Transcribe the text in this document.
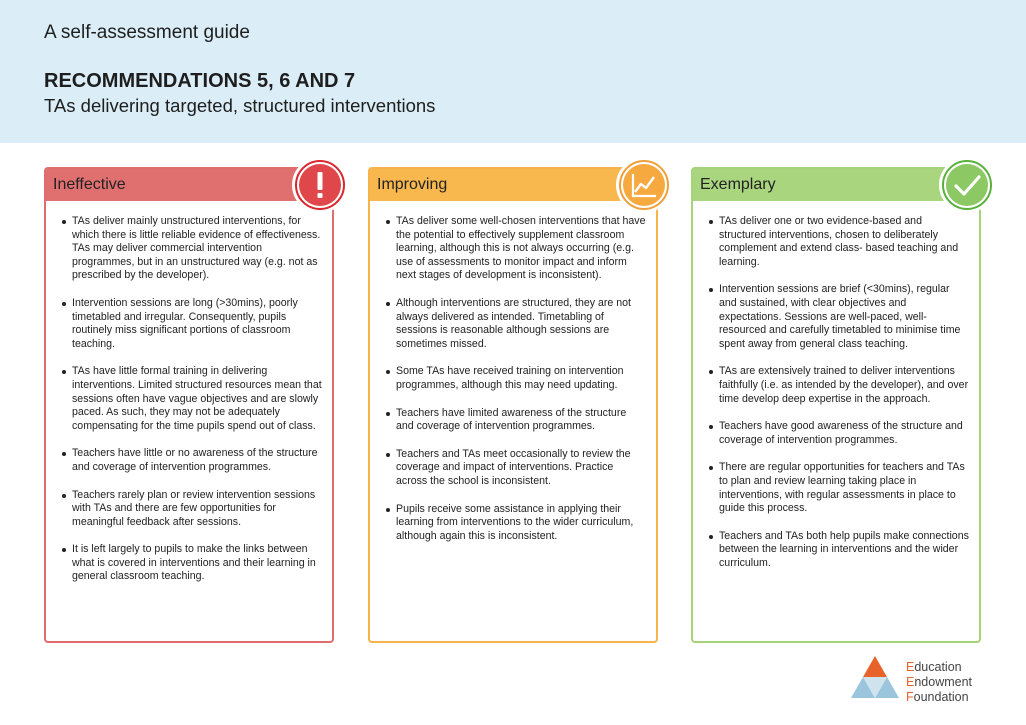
A self-assessment guide
RECOMMENDATIONS 5, 6 AND 7
TAs delivering targeted, structured interventions
Ineffective
TAs deliver mainly unstructured interventions, for which there is little reliable evidence of effectiveness. TAs may deliver commercial intervention programmes, but in an unstructured way (e.g. not as prescribed by the developer).
Intervention sessions are long (>30mins), poorly timetabled and irregular. Consequently, pupils routinely miss significant portions of classroom teaching.
TAs have little formal training in delivering interventions. Limited structured resources mean that sessions often have vague objectives and are slowly paced. As such, they may not be adequately compensating for the time pupils spend out of class.
Teachers have little or no awareness of the structure and coverage of intervention programmes.
Teachers rarely plan or review intervention sessions with TAs and there are few opportunities for meaningful feedback after sessions.
It is left largely to pupils to make the links between what is covered in interventions and their learning in general classroom teaching.
Improving
TAs deliver some well-chosen interventions that have the potential to effectively supplement classroom learning, although this is not always occurring (e.g. use of assessments to monitor impact and inform next stages of development is inconsistent).
Although interventions are structured, they are not always delivered as intended. Timetabling of sessions is reasonable although sessions are sometimes missed.
Some TAs have received training on intervention programmes, although this may need updating.
Teachers have limited awareness of the structure and coverage of intervention programmes.
Teachers and TAs meet occasionally to review the coverage and impact of interventions. Practice across the school is inconsistent.
Pupils receive some assistance in applying their learning from interventions to the wider curriculum, although again this is inconsistent.
Exemplary
TAs deliver one or two evidence-based and structured interventions, chosen to deliberately complement and extend class- based teaching and learning.
Intervention sessions are brief (<30mins), regular and sustained, with clear objectives and expectations. Sessions are well-paced, well-resourced and carefully timetabled to minimise time spent away from general class teaching.
TAs are extensively trained to deliver interventions faithfully (i.e. as intended by the developer), and over time develop deep expertise in the approach.
Teachers have good awareness of the structure and coverage of intervention programmes.
There are regular opportunities for teachers and TAs to plan and review learning taking place in interventions, with regular assessments in place to guide this process.
Teachers and TAs both help pupils make connections between the learning in interventions and the wider curriculum.
Education
Endowment
Foundation
